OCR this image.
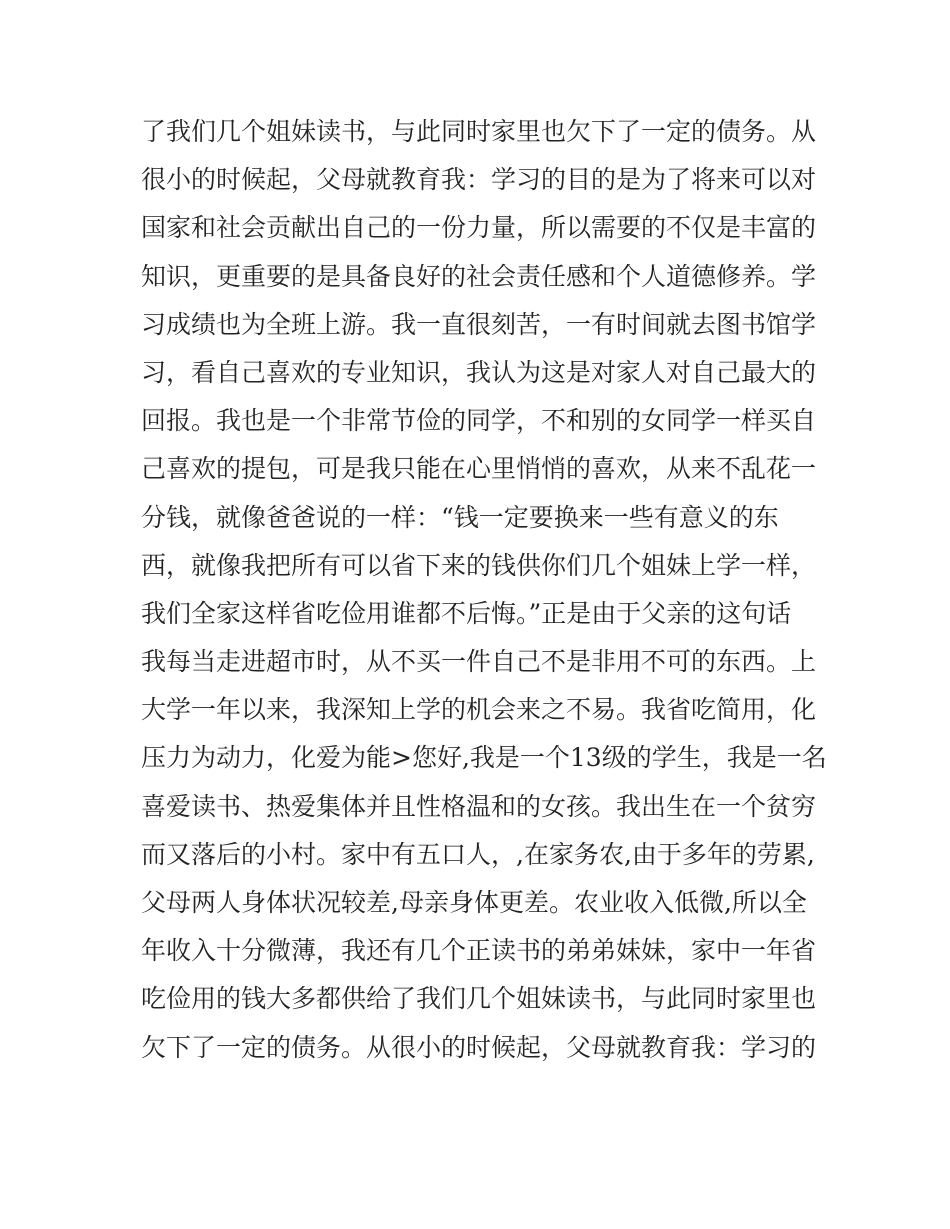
了我们几个姐妹读书，与此同时家里也欠下了一定的债务。从
很小的时候起，父母就教育我：学习的目的是为了将来可以对
国家和社会贡献出自己的一份力量，所以需要的不仅是丰富的
知识，更重要的是具备良好的社会责任感和个人道德修养。学
习成绩也为全班上游。我一直很刻苦，一有时间就去图书馆学
习，看自己喜欢的专业知识，我认为这是对家人对自己最大的
回报。我也是一个非常节俭的同学，不和别的女同学一样买自
己喜欢的提包，可是我只能在心里悄悄的喜欢，从来不乱花一
分钱，就像爸爸说的一样：“钱一定要换来一些有意义的东
西，就像我把所有可以省下来的钱供你们几个姐妹上学一样，
我们全家这样省吃俭用谁都不后悔。”正是由于父亲的这句话
我每当走进超市时，从不买一件自己不是非用不可的东西。上
大学一年以来，我深知上学的机会来之不易。我省吃简用，化
压力为动力，化爱为能>您好,我是一个13级的学生，我是一名
喜爱读书、热爱集体并且性格温和的女孩。我出生在一个贫穷
而又落后的小村。家中有五口人，,在家务农,由于多年的劳累,
父母两人身体状况较差,母亲身体更差。农业收入低微,所以全
年收入十分微薄，我还有几个正读书的弟弟妹妹，家中一年省
吃俭用的钱大多都供给了我们几个姐妹读书，与此同时家里也
欠下了一定的债务。从很小的时候起，父母就教育我：学习的
